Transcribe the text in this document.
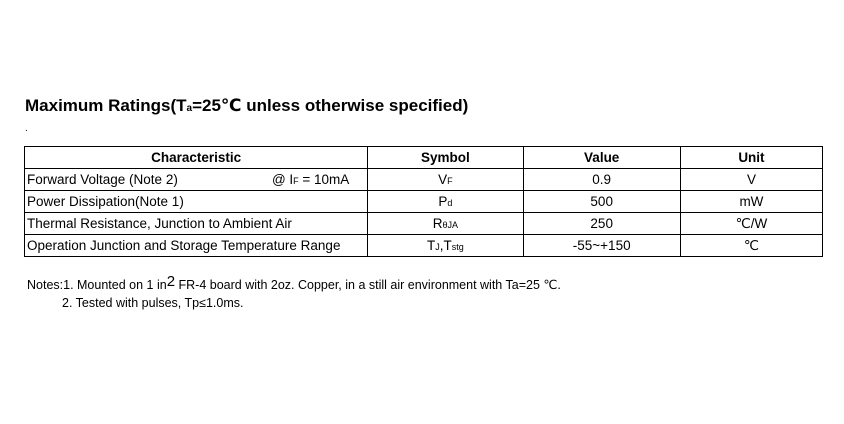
Maximum Ratings(Ta=25℃ unless otherwise specified)
.
Characteristic	Symbol	Value	Unit
Forward Voltage (Note 2) @ IF = 10mA	VF	0.9	V
Power Dissipation(Note 1)	Pd	500	mW
Thermal Resistance, Junction to Ambient Air	RθJA	250	℃/W
Operation Junction and Storage Temperature Range	TJ,Tstg	-55~+150	℃
Notes:1. Mounted on 1 in2 FR-4 board with 2oz. Copper, in a still air environment with Ta=25 ℃.
2. Tested with pulses, Tp≤1.0ms.
